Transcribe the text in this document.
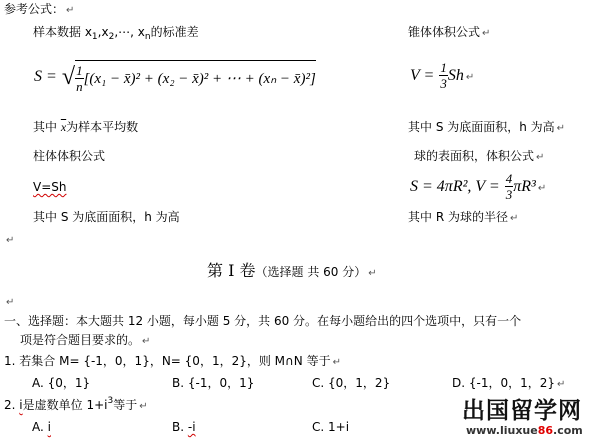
参考公式： ↵
样本数据 $x_1,x_2,\cdots$, $x_n$的标准差	锥体体积公式 ↵
S = √ $\frac{1}{n} [(x_1$ − x̄)² + (x₂ − x̄)² + ⋯ + (xₙ − x̄)²]	$V = \frac{1}{3}$ Sh ↵
其中 $\overline{x}$为样本平均数	其中 S 为底面面积，h 为高 ↵
柱体体积公式	球的表面积，体积公式 ↵
V=Sh	S = 4πR², $V = \frac{4}{3} \pi R^3$ ↵
其中 S 为底面面积，h 为高	其中 R 为球的半径 ↵
↵
第 I 卷（选择题 共 60 分） ↵
↵
一、选择题：本大题共 12 小题，每小题 5 分，共 60 分。在每小题给出的四个选项中，只有一个
项是符合题目要求的。 ↵
1. 若集合 M= {-1，0，1}，N= {0，1，2}，则 M∩N 等于 ↵
A. {0，1}	B. {-1，0，1}	C. {0，1，2}	D. {-1，0，1，2} ↵
2. i是虚数单位 $1+i^3$等于 ↵
A. i	B. -i	C. 1+i
出国留学网
www.liuxue86.com
